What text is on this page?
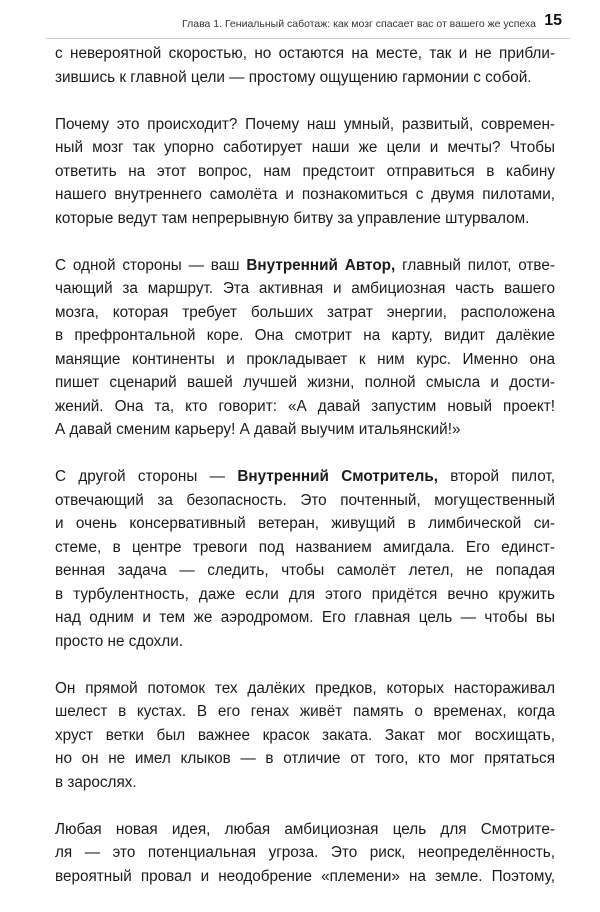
Глава 1. Гениальный саботаж: как мозг спасает вас от вашего же успеха 15

с невероятной скоростью, но остаются на месте, так и не прибли-
зившись к главной цели — простому ощущению гармонии с собой.

Почему это происходит? Почему наш умный, развитый, современ-
ный мозг так упорно саботирует наши же цели и мечты? Чтобы
ответить на этот вопрос, нам предстоит отправиться в кабину
нашего внутреннего самолёта и познакомиться с двумя пилотами,
которые ведут там непрерывную битву за управление штурвалом.

С одной стороны — ваш Внутренний Автор, главный пилот, отве-
чающий за маршрут. Эта активная и амбициозная часть вашего
мозга, которая требует больших затрат энергии, расположена
в префронтальной коре. Она смотрит на карту, видит далёкие
манящие континенты и прокладывает к ним курс. Именно она
пишет сценарий вашей лучшей жизни, полной смысла и дости-
жений. Она та, кто говорит: «А давай запустим новый проект!
А давай сменим карьеру! А давай выучим итальянский!»

С другой стороны — Внутренний Смотритель, второй пилот,
отвечающий за безопасность. Это почтенный, могущественный
и очень консервативный ветеран, живущий в лимбической си-
стеме, в центре тревоги под названием амигдала. Его единст-
венная задача — следить, чтобы самолёт летел, не попадая
в турбулентность, даже если для этого придётся вечно кружить
над одним и тем же аэродромом. Его главная цель — чтобы вы
просто не сдохли.

Он прямой потомок тех далёких предков, которых настораживал
шелест в кустах. В его генах живёт память о временах, когда
хруст ветки был важнее красок заката. Закат мог восхищать,
но он не имел клыков — в отличие от того, кто мог прятаться
в зарослях.

Любая новая идея, любая амбициозная цель для Смотрите-
ля — это потенциальная угроза. Это риск, неопределённость,
вероятный провал и неодобрение «племени» на земле. Поэтому,
